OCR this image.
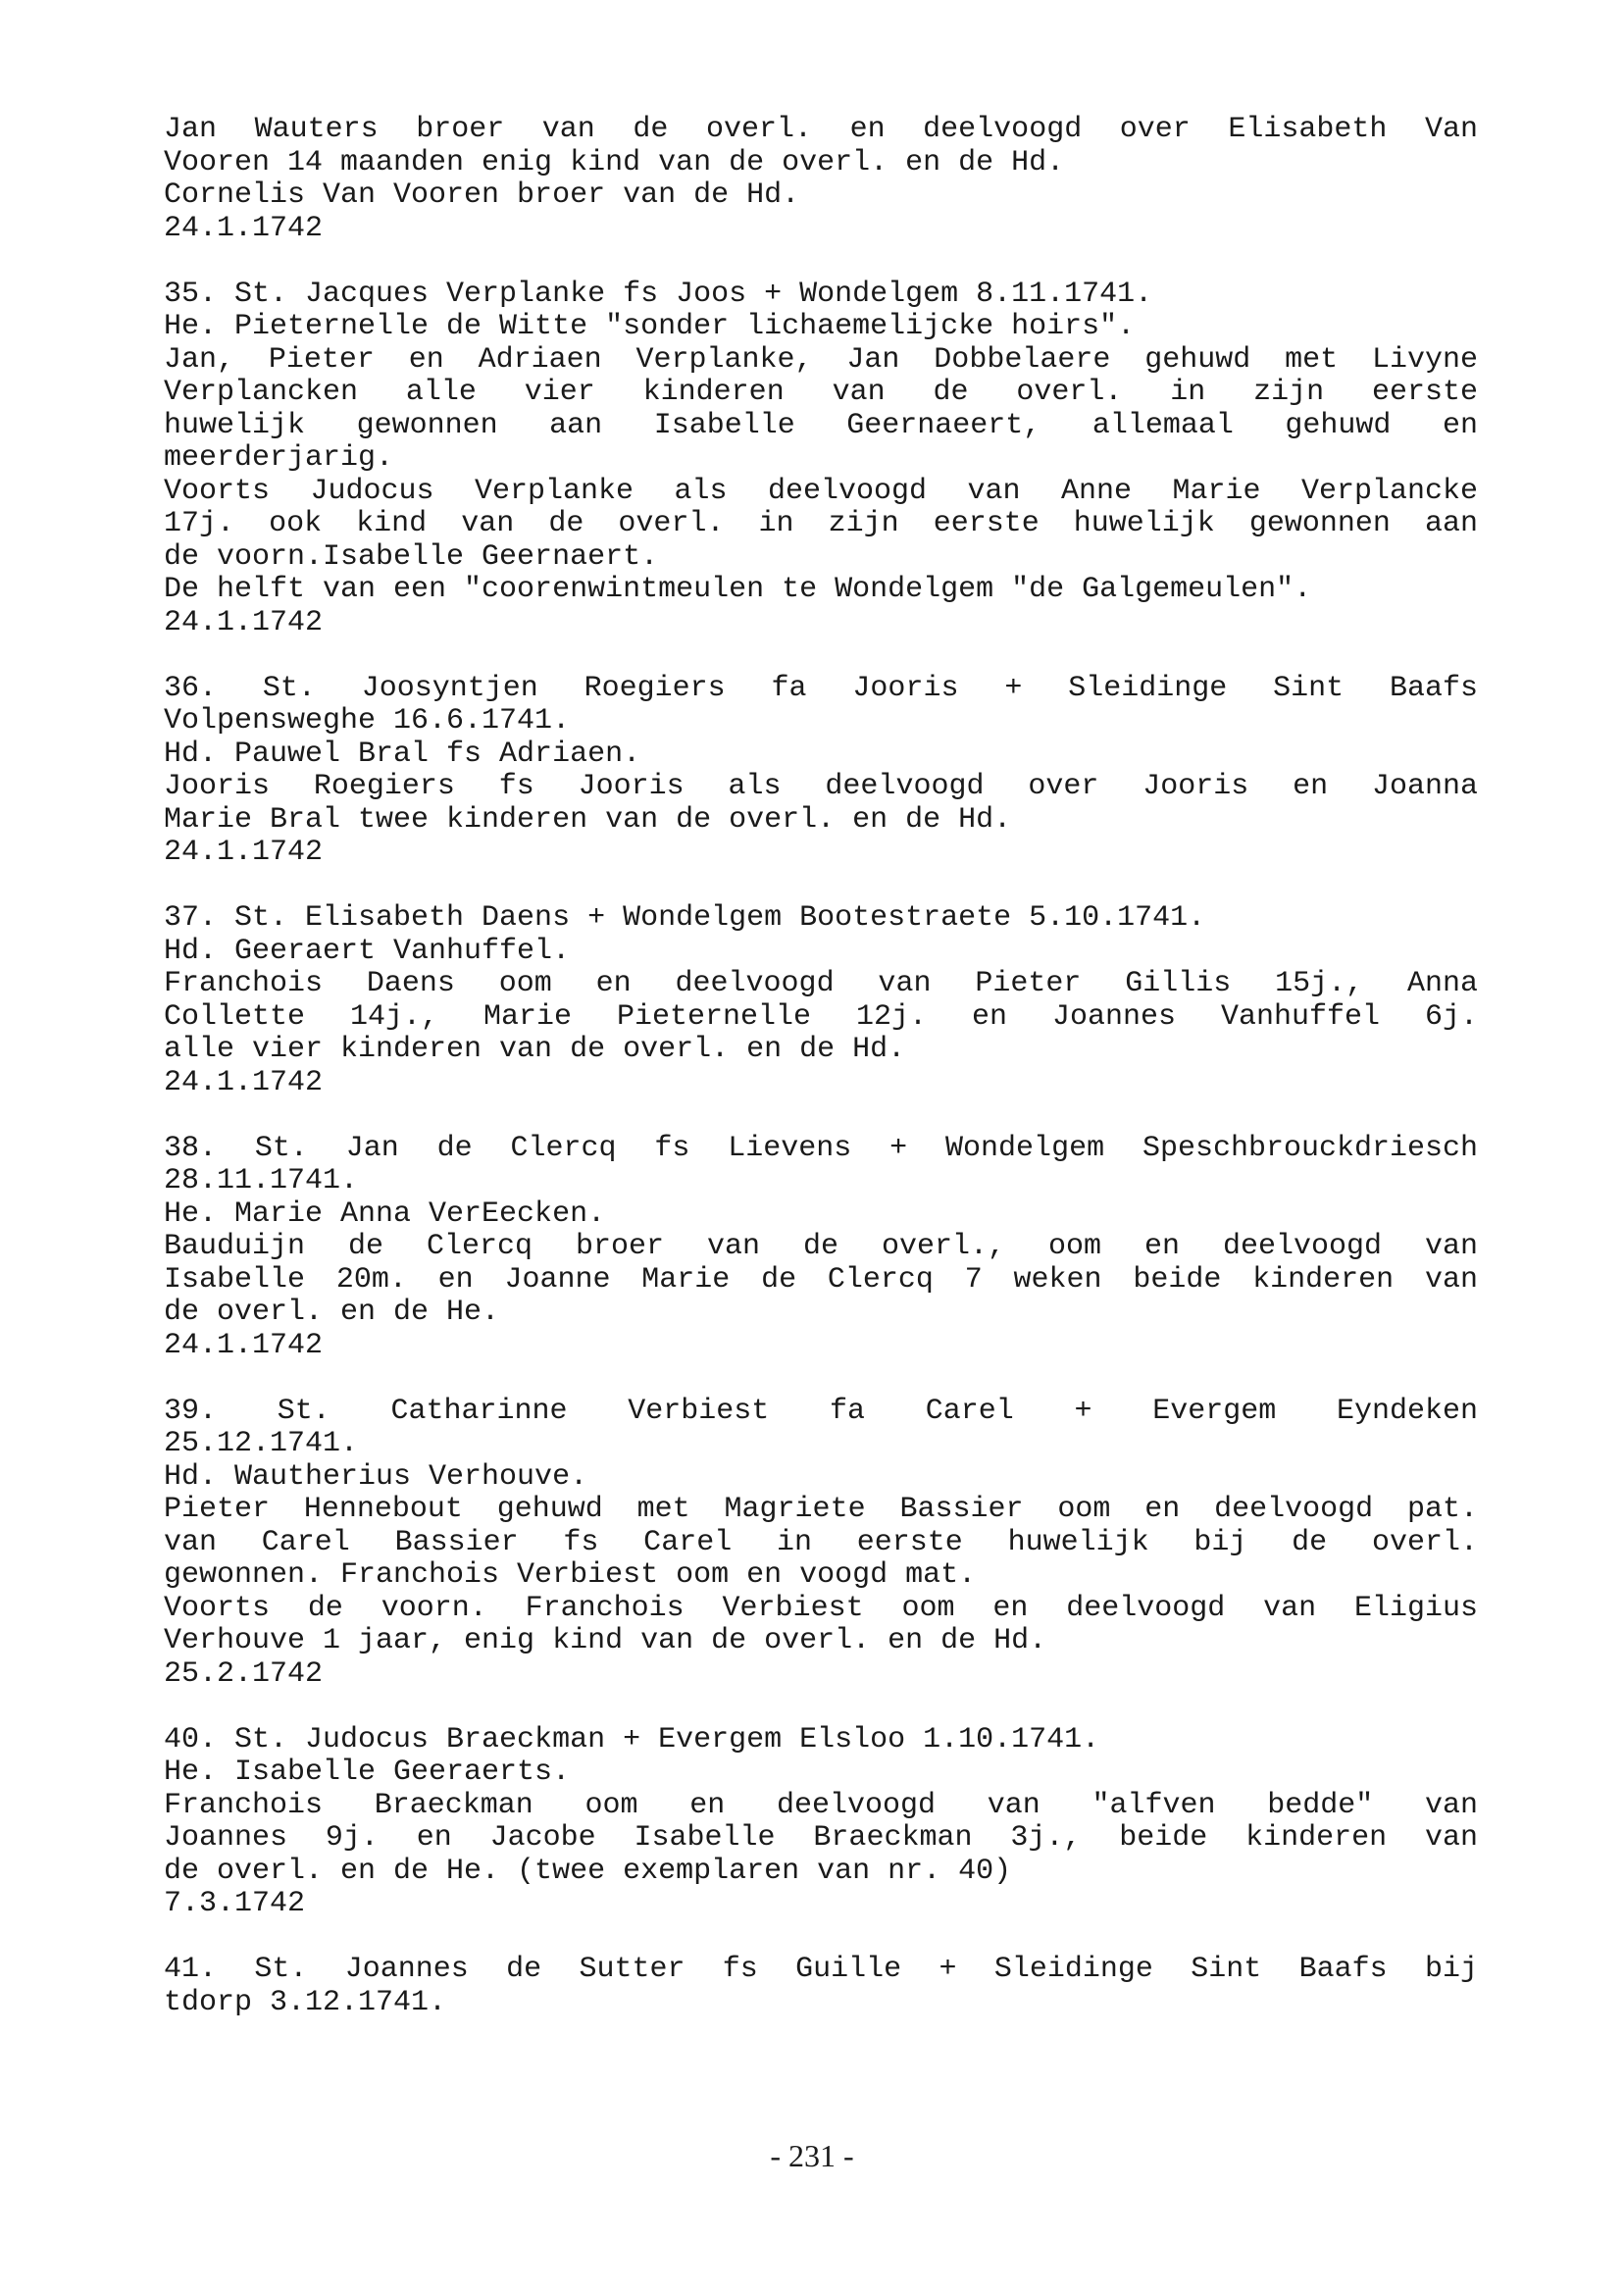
Jan Wauters broer van de overl. en deelvoogd over Elisabeth Van
Vooren 14 maanden enig kind van de overl. en de Hd.
Cornelis Van Vooren broer van de Hd.
24.1.1742
35. St. Jacques Verplanke fs Joos + Wondelgem 8.11.1741.
He. Pieternelle de Witte "sonder lichaemelijcke hoirs".
Jan, Pieter en Adriaen Verplanke, Jan Dobbelaere gehuwd met Livyne
Verplancken alle vier kinderen van de overl. in zijn eerste
huwelijk gewonnen aan Isabelle Geernaeert, allemaal gehuwd en
meerderjarig.
Voorts Judocus Verplanke als deelvoogd van Anne Marie Verplancke
17j. ook kind van de overl. in zijn eerste huwelijk gewonnen aan
de voorn.Isabelle Geernaert.
De helft van een "coorenwintmeulen te Wondelgem "de Galgemeulen".
24.1.1742
36. St. Joosyntjen Roegiers fa Jooris + Sleidinge Sint Baafs
Volpensweghe 16.6.1741.
Hd. Pauwel Bral fs Adriaen.
Jooris Roegiers fs Jooris als deelvoogd over Jooris en Joanna
Marie Bral twee kinderen van de overl. en de Hd.
24.1.1742
37. St. Elisabeth Daens + Wondelgem Bootestraete 5.10.1741.
Hd. Geeraert Vanhuffel.
Franchois Daens oom en deelvoogd van Pieter Gillis 15j., Anna
Collette 14j., Marie Pieternelle 12j. en Joannes Vanhuffel 6j.
alle vier kinderen van de overl. en de Hd.
24.1.1742
38. St. Jan de Clercq fs Lievens + Wondelgem Speschbrouckdriesch
28.11.1741.
He. Marie Anna VerEecken.
Bauduijn de Clercq broer van de overl., oom en deelvoogd van
Isabelle 20m. en Joanne Marie de Clercq 7 weken beide kinderen van
de overl. en de He.
24.1.1742
39. St. Catharinne Verbiest fa Carel + Evergem Eyndeken
25.12.1741.
Hd. Wautherius Verhouve.
Pieter Hennebout gehuwd met Magriete Bassier oom en deelvoogd pat.
van Carel Bassier fs Carel in eerste huwelijk bij de overl.
gewonnen. Franchois Verbiest oom en voogd mat.
Voorts de voorn. Franchois Verbiest oom en deelvoogd van Eligius
Verhouve 1 jaar, enig kind van de overl. en de Hd.
25.2.1742
40. St. Judocus Braeckman + Evergem Elsloo 1.10.1741.
He. Isabelle Geeraerts.
Franchois Braeckman oom en deelvoogd van "alfven bedde" van
Joannes 9j. en Jacobe Isabelle Braeckman 3j., beide kinderen van
de overl. en de He. (twee exemplaren van nr. 40)
7.3.1742
41. St. Joannes de Sutter fs Guille + Sleidinge Sint Baafs bij
tdorp 3.12.1741.
- 231 -
